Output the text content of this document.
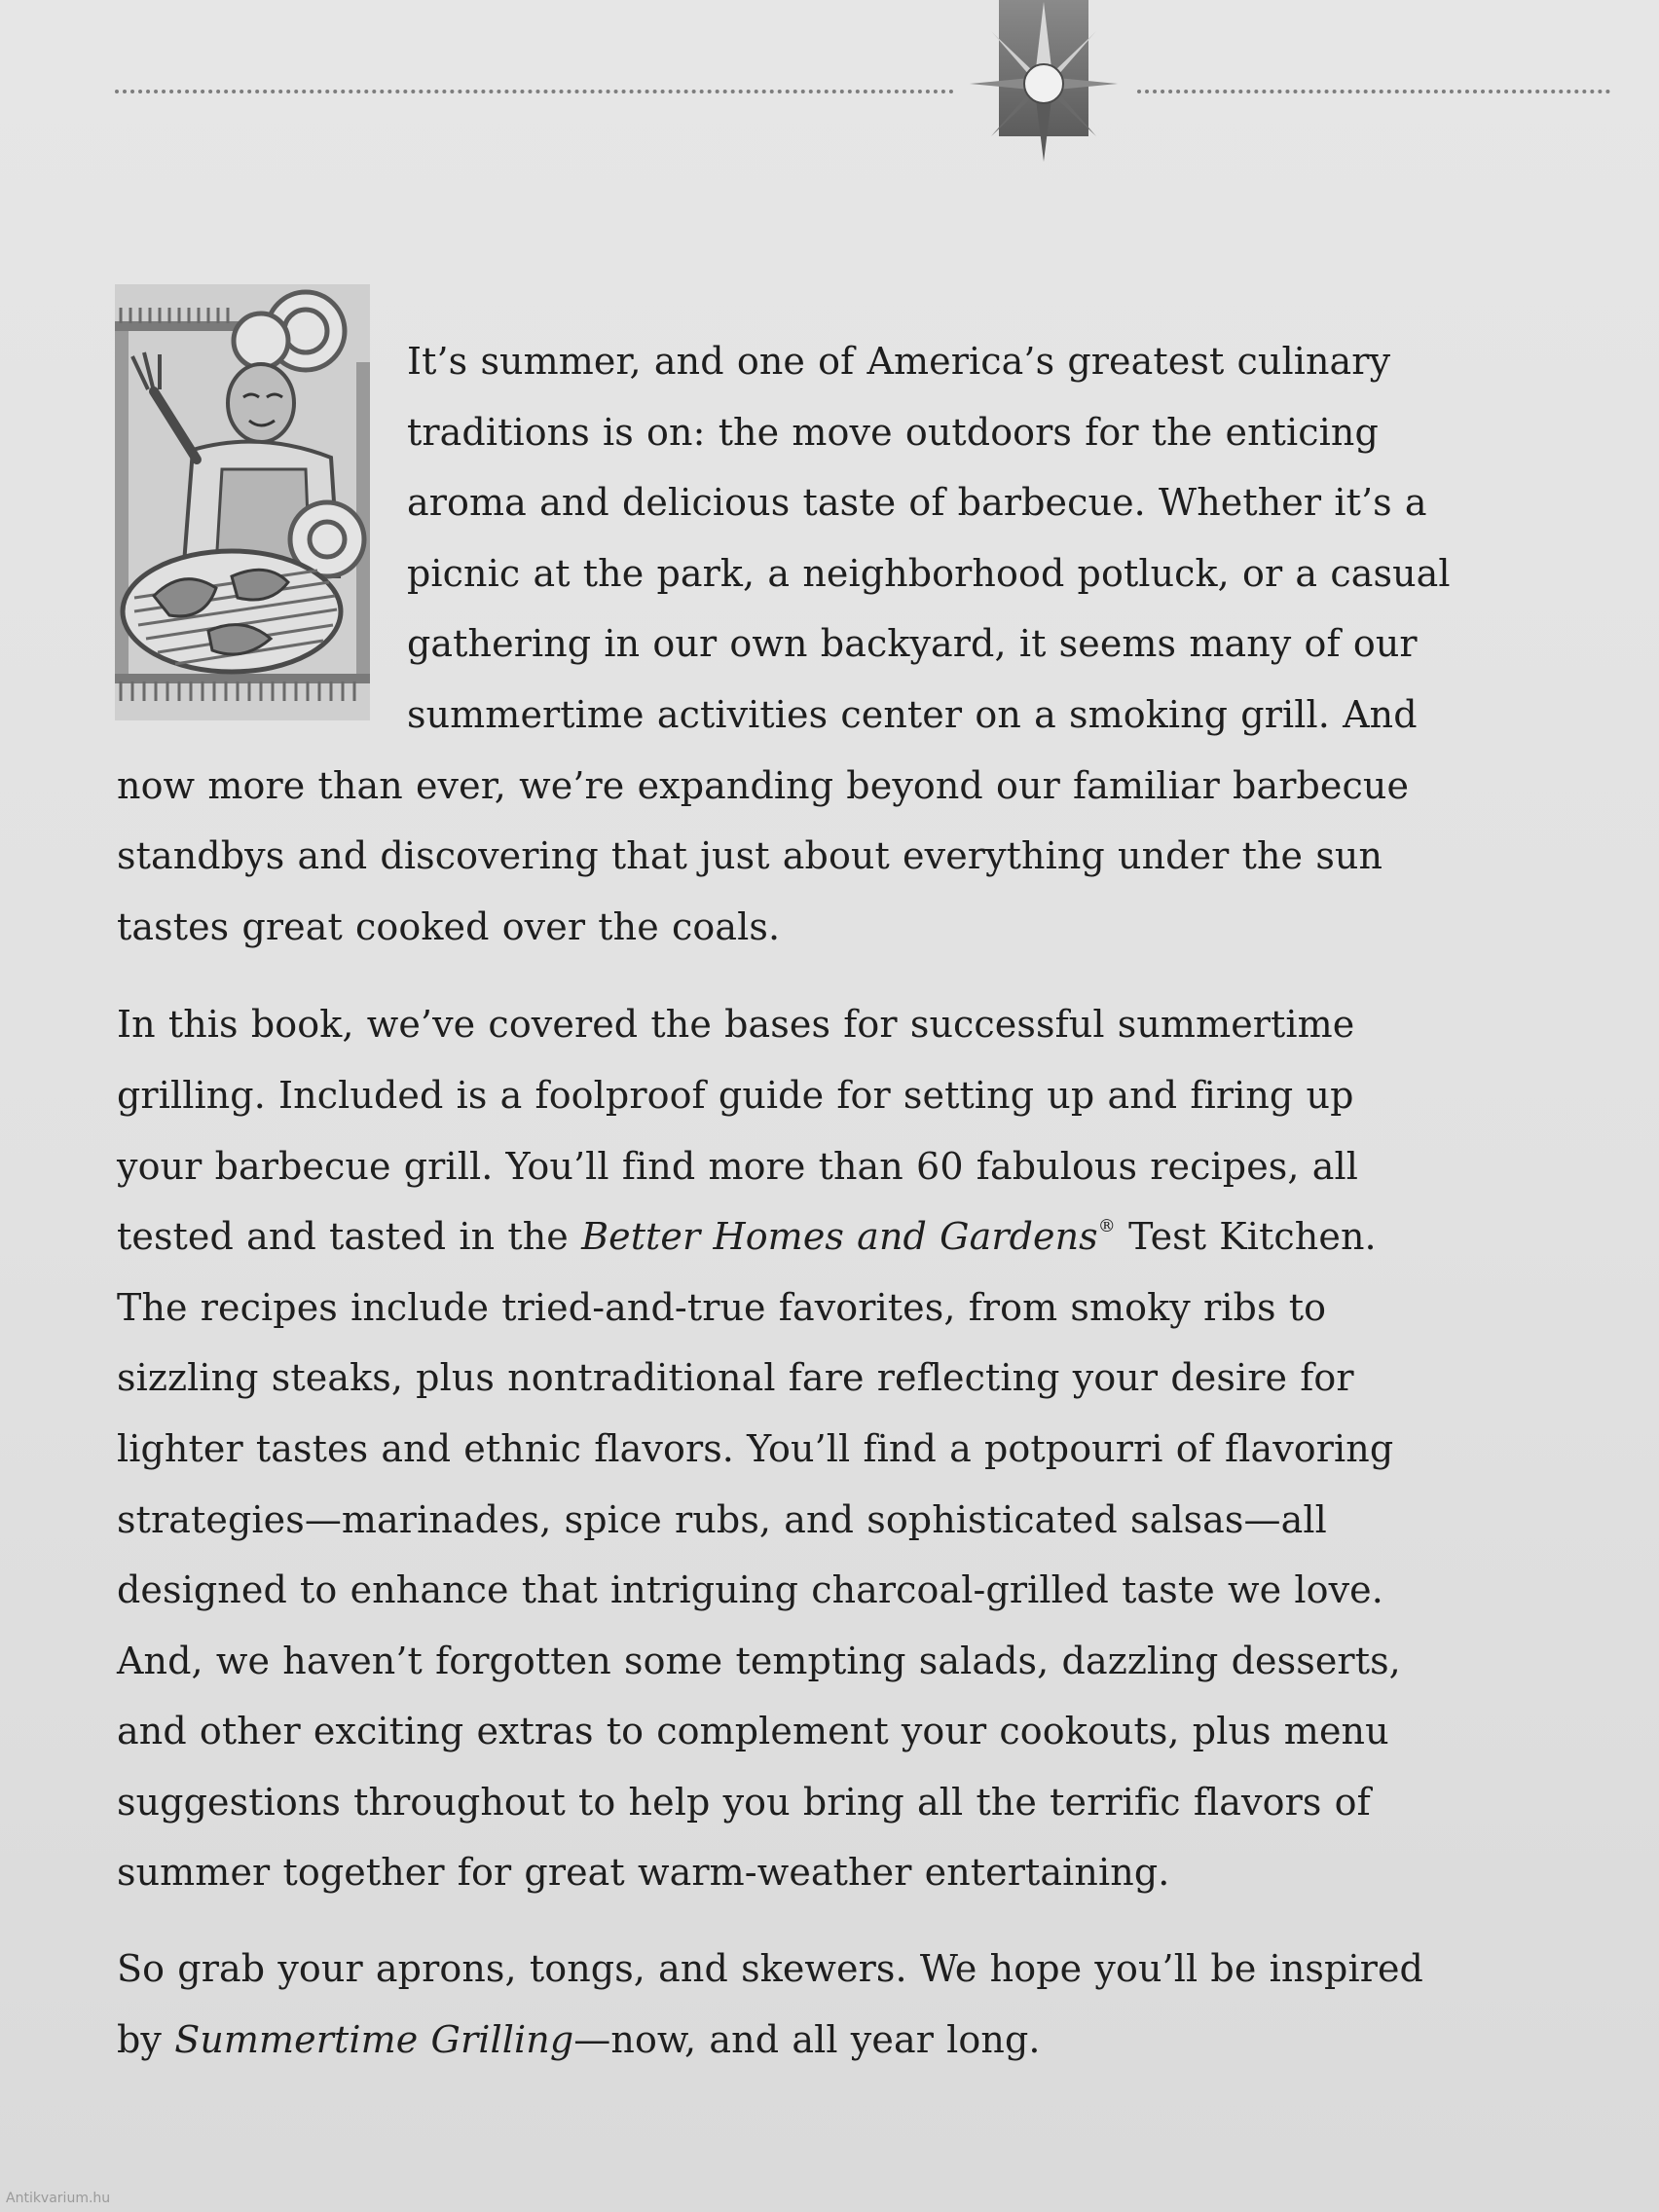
It’s summer, and one of America’s greatest culinary
traditions is on: the move outdoors for the enticing
aroma and delicious taste of barbecue. Whether it’s a
picnic at the park, a neighborhood potluck, or a casual
gathering in our own backyard, it seems many of our
summertime activities center on a smoking grill. And
now more than ever, we’re expanding beyond our familiar barbecue
standbys and discovering that just about everything under the sun
tastes great cooked over the coals.

In this book, we’ve covered the bases for successful summertime
grilling. Included is a foolproof guide for setting up and firing up
your barbecue grill. You’ll find more than 60 fabulous recipes, all
tested and tasted in the Better Homes and Gardens® Test Kitchen.
The recipes include tried-and-true favorites, from smoky ribs to
sizzling steaks, plus nontraditional fare reflecting your desire for
lighter tastes and ethnic flavors. You’ll find a potpourri of flavoring
strategies—marinades, spice rubs, and sophisticated salsas—all
designed to enhance that intriguing charcoal-grilled taste we love.
And, we haven’t forgotten some tempting salads, dazzling desserts,
and other exciting extras to complement your cookouts, plus menu
suggestions throughout to help you bring all the terrific flavors of
summer together for great warm-weather entertaining.

So grab your aprons, tongs, and skewers. We hope you’ll be inspired
by Summertime Grilling—now, and all year long.

Antikvarium.hu
